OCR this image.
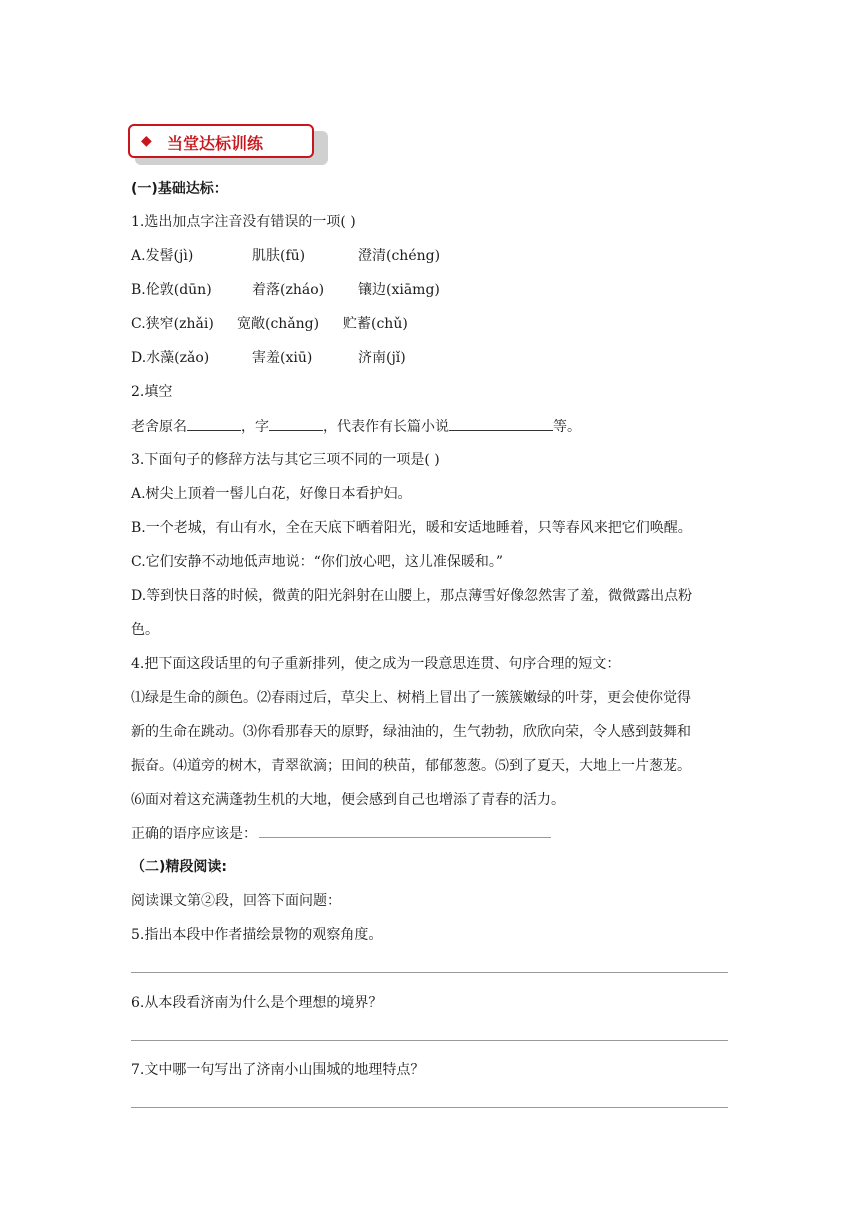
◆ 当堂达标训练
(一)基础达标：
1.选出加点字注音没有错误的一项( )
A.发髻(jì)	肌肤(fū)	澄清(chéng)
B.伦敦(dūn)	着落(zháo) 镶边(xiāmg)
C.狭窄(zhǎi) 宽敞(chǎng) 贮蓄(chǔ)
D.水藻(zǎo)	害羞(xiū)	济南(jǐ)
2.填空
老舍原名	，字	，代表作有长篇小说	等。
3.下面句子的修辞方法与其它三项不同的一项是( )
A.树尖上顶着一髻儿白花，好像日本看护妇。
B.一个老城，有山有水，全在天底下晒着阳光，暖和安适地睡着，只等春风来把它们唤醒。
C.它们安静不动地低声地说：“你们放心吧，这儿准保暖和。”
D.等到快日落的时候，微黄的阳光斜射在山腰上，那点薄雪好像忽然害了羞，微微露出点粉
色。
4.把下面这段话里的句子重新排列，使之成为一段意思连贯、句序合理的短文：
⑴绿是生命的颜色。⑵春雨过后，草尖上、树梢上冒出了一簇簇嫩绿的叶芽，更会使你觉得
新的生命在跳动。⑶你看那春天的原野，绿油油的，生气勃勃，欣欣向荣，令人感到鼓舞和
振奋。⑷道旁的树木，青翠欲滴；田间的秧苗，郁郁葱葱。⑸到了夏天，大地上一片葱茏。
⑹面对着这充满蓬勃生机的大地，便会感到自己也增添了青春的活力。
正确的语序应该是：
（二)精段阅读:
阅读课文第②段，回答下面问题：
5.指出本段中作者描绘景物的观察角度。
6.从本段看济南为什么是个理想的境界？
7.文中哪一句写出了济南小山围城的地理特点？
